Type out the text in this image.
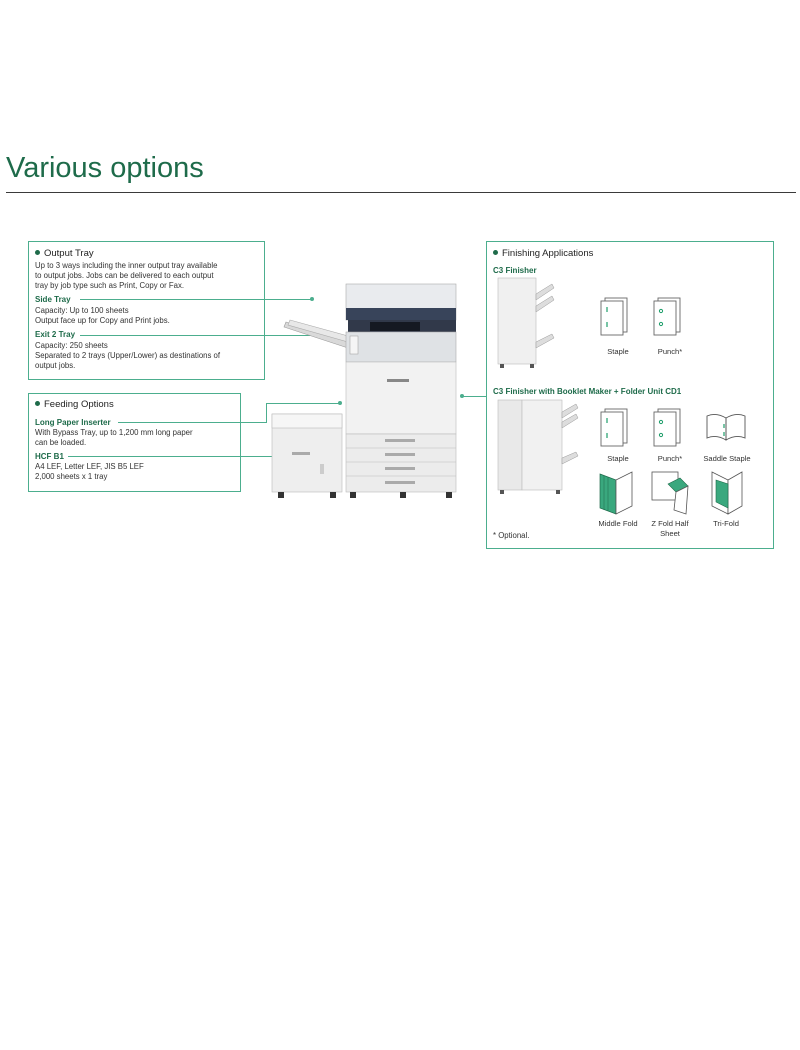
Various options
Output Tray
Up to 3 ways including the inner output tray available
to output jobs. Jobs can be delivered to each output
tray by job type such as Print, Copy or Fax.
Side Tray
Capacity: Up to 100 sheets
Output face up for Copy and Print jobs.
Exit 2 Tray
Capacity: 250 sheets
Separated to 2 trays (Upper/Lower) as destinations of
output jobs.
Feeding Options
Long Paper Inserter
With Bypass Tray, up to 1,200 mm long paper
can be loaded.
HCF B1
A4 LEF, Letter LEF, JIS B5 LEF
2,000 sheets x 1 tray
Finishing Applications
C3 Finisher
Staple	Punch*
C3 Finisher with Booklet Maker + Folder Unit CD1
Staple	Punch*	Saddle Staple
Middle Fold	Z Fold Half
Sheet
Tri-Fold
* Optional.
